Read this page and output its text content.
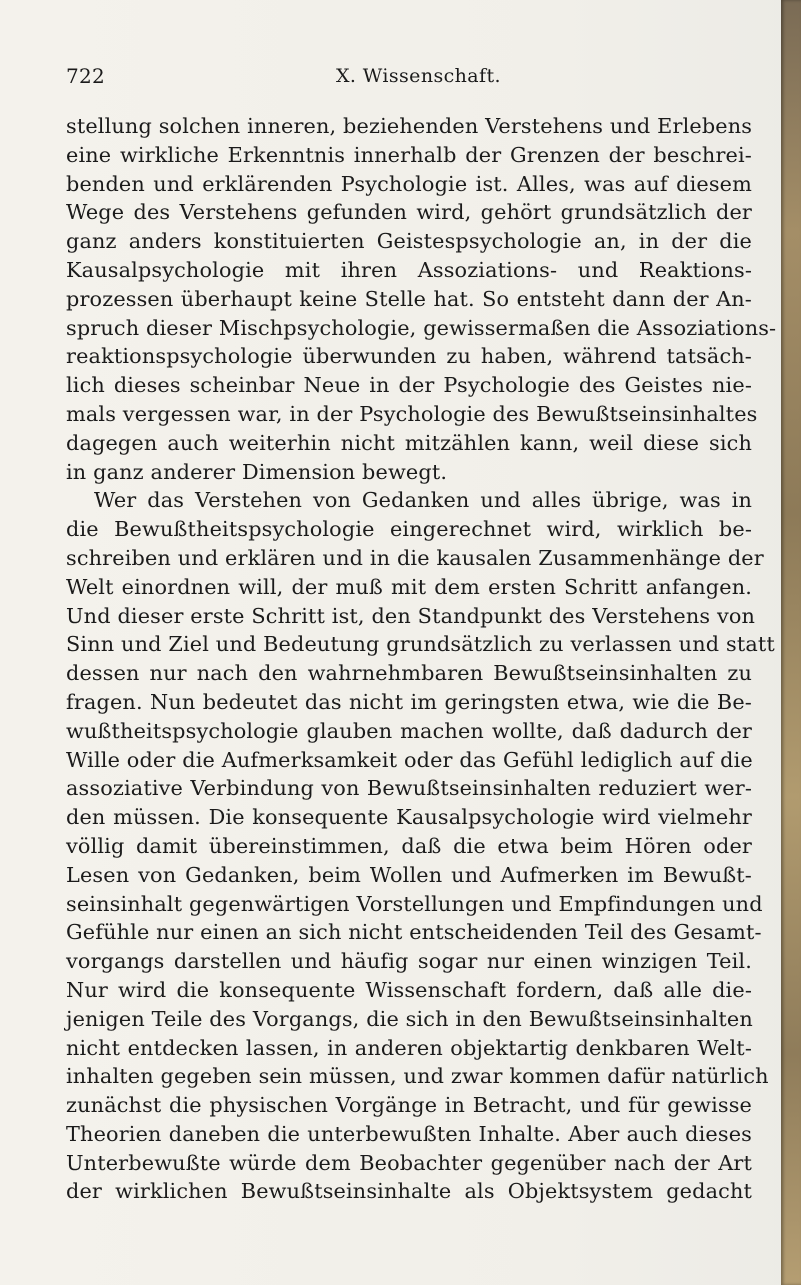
722	X. Wissenschaft.
stellung solchen inneren, beziehenden Verstehens und Erlebens
eine wirkliche Erkenntnis innerhalb der Grenzen der beschrei-
benden und erklärenden Psychologie ist. Alles, was auf diesem
Wege des Verstehens gefunden wird, gehört grundsätzlich der
ganz anders konstituierten Geistespsychologie an, in der die
Kausalpsychologie mit ihren Assoziations- und Reaktions-
prozessen überhaupt keine Stelle hat. So entsteht dann der An-
spruch dieser Mischpsychologie, gewissermaßen die Assoziations-
reaktionspsychologie überwunden zu haben, während tatsäch-
lich dieses scheinbar Neue in der Psychologie des Geistes nie-
mals vergessen war, in der Psychologie des Bewußtseinsinhaltes
dagegen auch weiterhin nicht mitzählen kann, weil diese sich
in ganz anderer Dimension bewegt.
Wer das Verstehen von Gedanken und alles übrige, was in
die Bewußtheitspsychologie eingerechnet wird, wirklich be-
schreiben und erklären und in die kausalen Zusammenhänge der
Welt einordnen will, der muß mit dem ersten Schritt anfangen.
Und dieser erste Schritt ist, den Standpunkt des Verstehens von
Sinn und Ziel und Bedeutung grundsätzlich zu verlassen und statt
dessen nur nach den wahrnehmbaren Bewußtseinsinhalten zu
fragen. Nun bedeutet das nicht im geringsten etwa, wie die Be-
wußtheitspsychologie glauben machen wollte, daß dadurch der
Wille oder die Aufmerksamkeit oder das Gefühl lediglich auf die
assoziative Verbindung von Bewußtseinsinhalten reduziert wer-
den müssen. Die konsequente Kausalpsychologie wird vielmehr
völlig damit übereinstimmen, daß die etwa beim Hören oder
Lesen von Gedanken, beim Wollen und Aufmerken im Bewußt-
seinsinhalt gegenwärtigen Vorstellungen und Empfindungen und
Gefühle nur einen an sich nicht entscheidenden Teil des Gesamt-
vorgangs darstellen und häufig sogar nur einen winzigen Teil.
Nur wird die konsequente Wissenschaft fordern, daß alle die-
jenigen Teile des Vorgangs, die sich in den Bewußtseinsinhalten
nicht entdecken lassen, in anderen objektartig denkbaren Welt-
inhalten gegeben sein müssen, und zwar kommen dafür natürlich
zunächst die physischen Vorgänge in Betracht, und für gewisse
Theorien daneben die unterbewußten Inhalte. Aber auch dieses
Unterbewußte würde dem Beobachter gegenüber nach der Art
der wirklichen Bewußtseinsinhalte als Objektsystem gedacht
